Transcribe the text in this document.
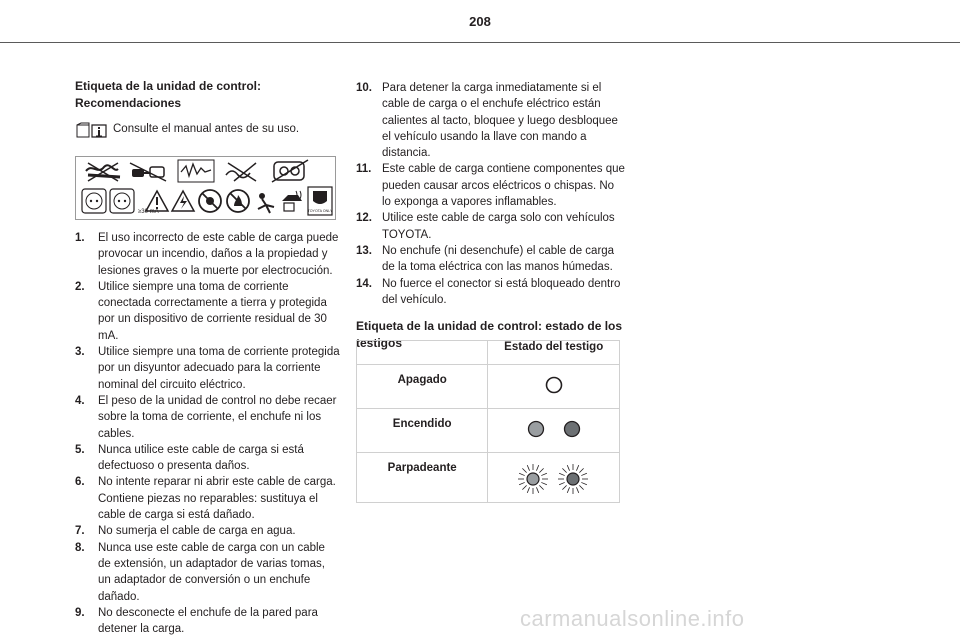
208
Etiqueta de la unidad de control: Recomendaciones
Consulte el manual antes de su uso.
≥30 mA	TOYOTA ONLY
1.	El uso incorrecto de este cable de carga puede provocar un incendio, daños a la propiedad y lesiones graves o la muerte por electrocución.
2.	Utilice siempre una toma de corriente conectada correctamente a tierra y protegida por un dispositivo de corriente residual de 30 mA.
3.	Utilice siempre una toma de corriente protegida por un disyuntor adecuado para la corriente nominal del circuito eléctrico.
4.	El peso de la unidad de control no debe recaer sobre la toma de corriente, el enchufe ni los cables.
5.	Nunca utilice este cable de carga si está defectuoso o presenta daños.
6.	No intente reparar ni abrir este cable de carga. Contiene piezas no reparables: sustituya el cable de carga si está dañado.
7.	No sumerja el cable de carga en agua.
8.	Nunca use este cable de carga con un cable de extensión, un adaptador de varias tomas, un adaptador de conversión o un enchufe dañado.
9.	No desconecte el enchufe de la pared para detener la carga.
10. Para detener la carga inmediatamente si el cable de carga o el enchufe eléctrico están calientes al tacto, bloquee y luego desbloquee el vehículo usando la llave con mando a distancia.
11. Este cable de carga contiene componentes que pueden causar arcos eléctricos o chispas. No lo exponga a vapores inflamables.
12. Utilice este cable de carga solo con vehículos TOYOTA.
13. No enchufe (ni desenchufe) el cable de carga de la toma eléctrica con las manos húmedas.
14. No fuerce el conector si está bloqueado dentro del vehículo.
Etiqueta de la unidad de control: estado de los testigos
		Estado del testigo
Apagado	
Encendido	
Parpadeante	
carmanualsonline.info
